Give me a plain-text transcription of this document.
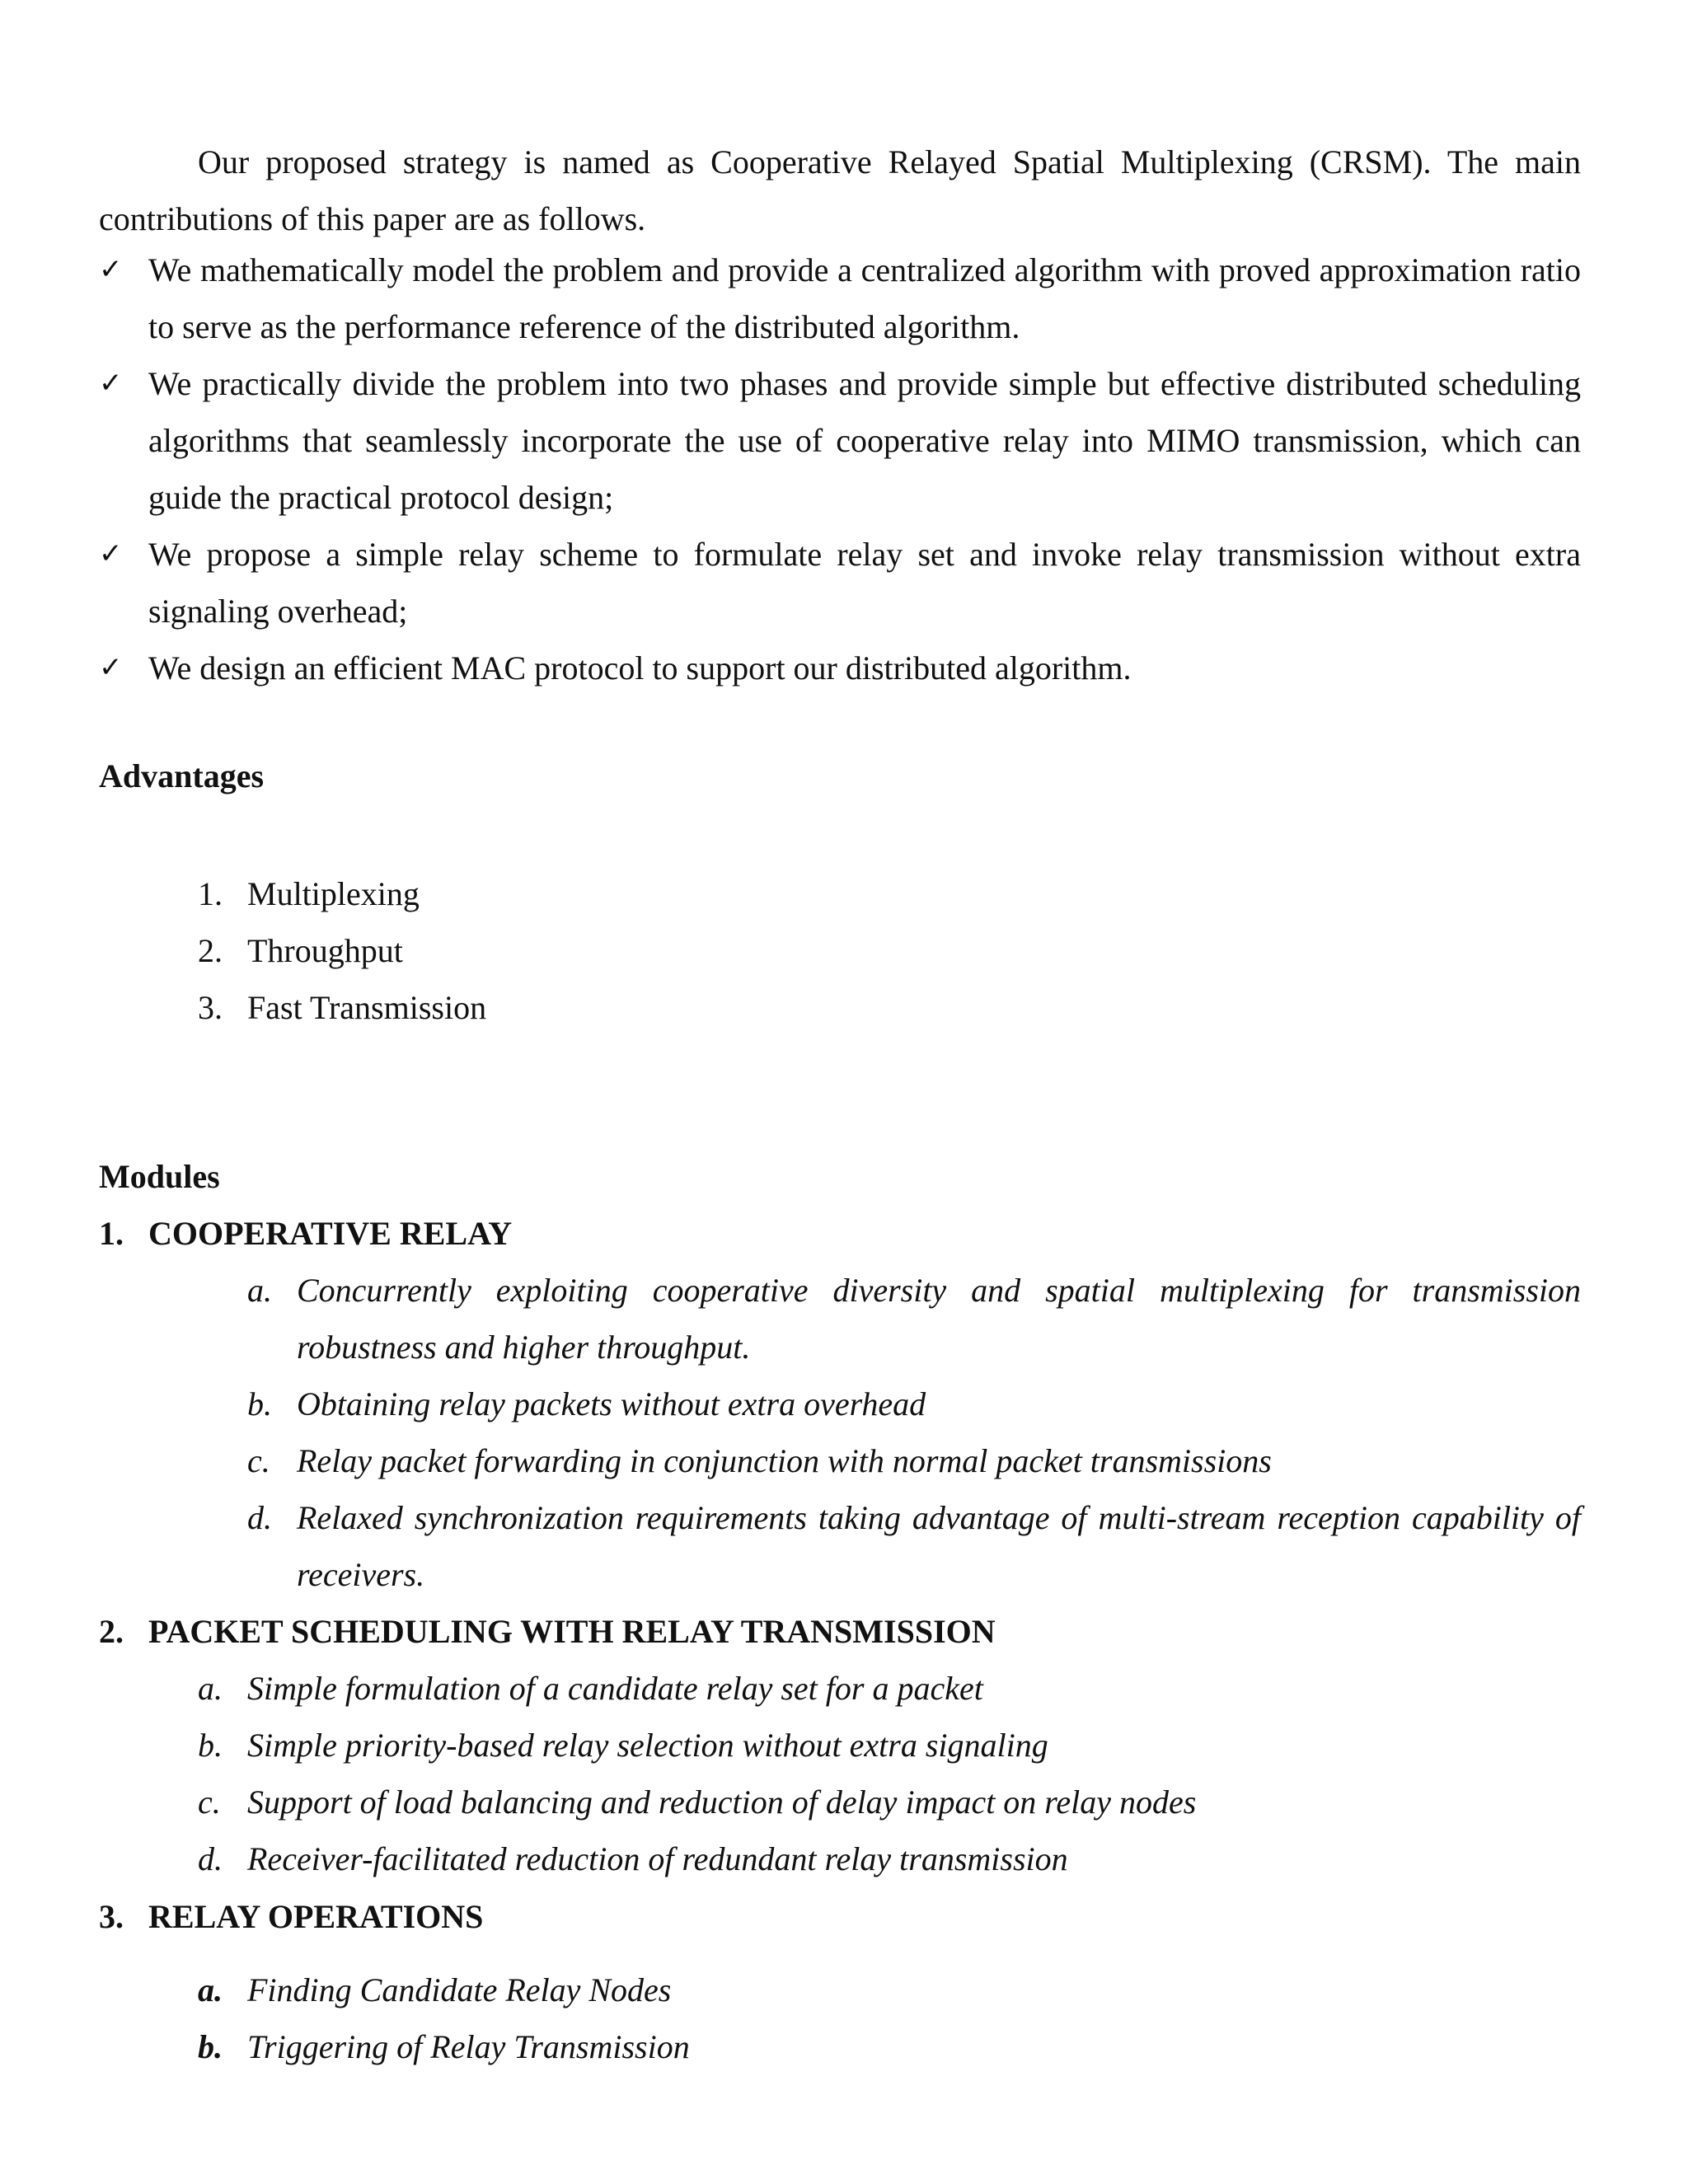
Our proposed strategy is named as Cooperative Relayed Spatial Multiplexing (CRSM). The main contributions of this paper are as follows.

✓ We mathematically model the problem and provide a centralized algorithm with proved approximation ratio to serve as the performance reference of the distributed algorithm.
✓ We practically divide the problem into two phases and provide simple but effective distributed scheduling algorithms that seamlessly incorporate the use of cooperative relay into MIMO transmission, which can guide the practical protocol design;
✓ We propose a simple relay scheme to formulate relay set and invoke relay transmission without extra signaling overhead;
✓ We design an efficient MAC protocol to support our distributed algorithm.
Advantages
1. Multiplexing
2. Throughput
3. Fast Transmission
Modules
1. COOPERATIVE RELAY
a. Concurrently exploiting cooperative diversity and spatial multiplexing for transmission robustness and higher throughput.
b. Obtaining relay packets without extra overhead
c. Relay packet forwarding in conjunction with normal packet transmissions
d. Relaxed synchronization requirements taking advantage of multi-stream reception capability of receivers.
2. PACKET SCHEDULING WITH RELAY TRANSMISSION
a. Simple formulation of a candidate relay set for a packet
b. Simple priority-based relay selection without extra signaling
c. Support of load balancing and reduction of delay impact on relay nodes
d. Receiver-facilitated reduction of redundant relay transmission
3. RELAY OPERATIONS
a. Finding Candidate Relay Nodes
b. Triggering of Relay Transmission
